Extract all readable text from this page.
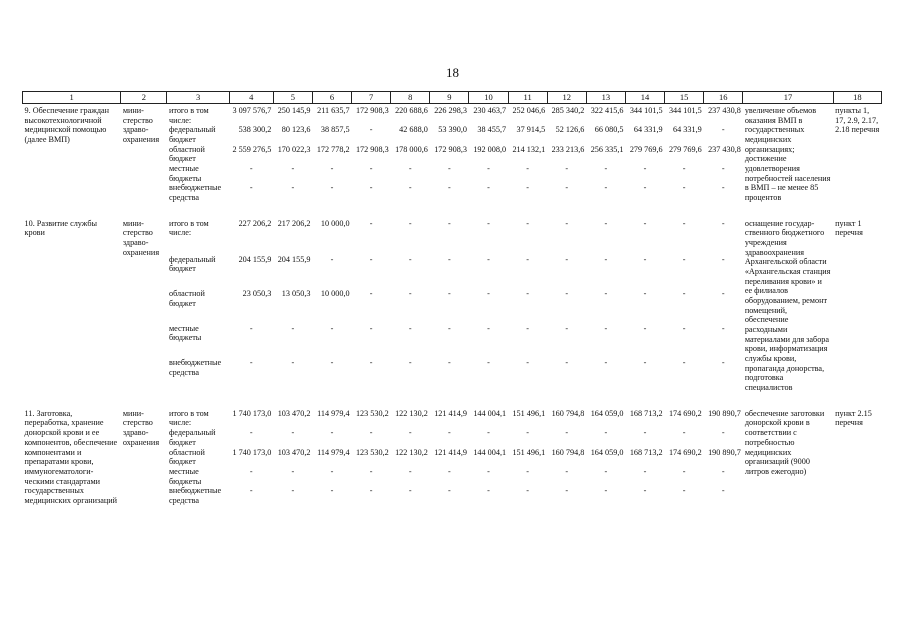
18
1	2	3	4	5	6	7	8	9	10	11	12	13	14	15	16	17	18
9. Обеспечение граждан высокотехнологичной медицинской помощью (далее ВМП)	мини-стерство здраво-охранения	итого в том числе:	3 097 576,7	250 145,9	211 635,7	172 908,3	220 688,6	226 298,3	230 463,7	252 046,6	285 340,2	322 415,6	344 101,5	344 101,5	237 430,8	увеличение объемов оказания ВМП в государственных медицинских организациях; достижение удовлетворения потребностей населения в ВМП – не менее 85 процентов	пункты 1, 17, 2.9, 2.17, 2.18 перечня
		федеральный бюджет	538 300,2	80 123,6	38 857,5	-	42 688,0	53 390,0	38 455,7	37 914,5	52 126,6	66 080,5	64 331,9	64 331,9	-		
		областной бюджет	2 559 276,5	170 022,3	172 778,2	172 908,3	178 000,6	172 908,3	192 008,0	214 132,1	233 213,6	256 335,1	279 769,6	279 769,6	237 430,8		
		местные бюджеты	-	-	-	-	-	-	-	-	-	-	-	-	-		
		внебюджетные средства	-	-	-	-	-	-	-	-	-	-	-	-	-		

10. Развитие службы крови	мини-стерство здраво-охранения	итого в том числе:	227 206,2	217 206,2	10 000,0	-	-	-	-	-	-	-	-	-	-	оснащение государ-ственного бюджетного учреждения здравоохранения Архангельской области «Архангельская станция переливания крови» и ее филиалов оборудованием, ремонт помещений, обеспечение расходными материалами для забора крови, информатизация службы крови, пропаганда донорства, подготовка специалистов	пункт 1 перечня
		федеральный бюджет	204 155,9	204 155,9	-	-	-	-	-	-	-	-	-	-	-		
		областной бюджет	23 050,3	13 050,3	10 000,0	-	-	-	-	-	-	-	-	-	-		
		местные бюджеты	-	-	-	-	-	-	-	-	-	-	-	-	-		
		внебюджетные средства	-	-	-	-	-	-	-	-	-	-	-	-	-		

11. Заготовка, переработка, хранение донорской крови и ее компонентов, обеспечение компонентами и препаратами крови, иммуногематологи-ческими стандартами государственных медицинских организаций	мини-стерство здраво-охранения	итого в том числе:	1 740 173,0	103 470,2	114 979,4	123 530,2	122 130,2	121 414,9	144 004,1	151 496,1	160 794,8	164 059,0	168 713,2	174 690,2	190 890,7	обеспечение заготовки донорской крови в соответствии с потребностью медицинских организаций (9000 литров ежегодно)	пункт 2.15 перечня
		федеральный бюджет	-	-	-	-	-	-	-	-	-	-	-	-	-		
		областной бюджет	1 740 173,0	103 470,2	114 979,4	123 530,2	122 130,2	121 414,9	144 004,1	151 496,1	160 794,8	164 059,0	168 713,2	174 690,2	190 890,7		
		местные бюджеты	-	-	-	-	-	-	-	-	-	-	-	-	-		
		внебюджетные средства	-	-	-	-	-	-	-	-	-	-	-	-	-		
